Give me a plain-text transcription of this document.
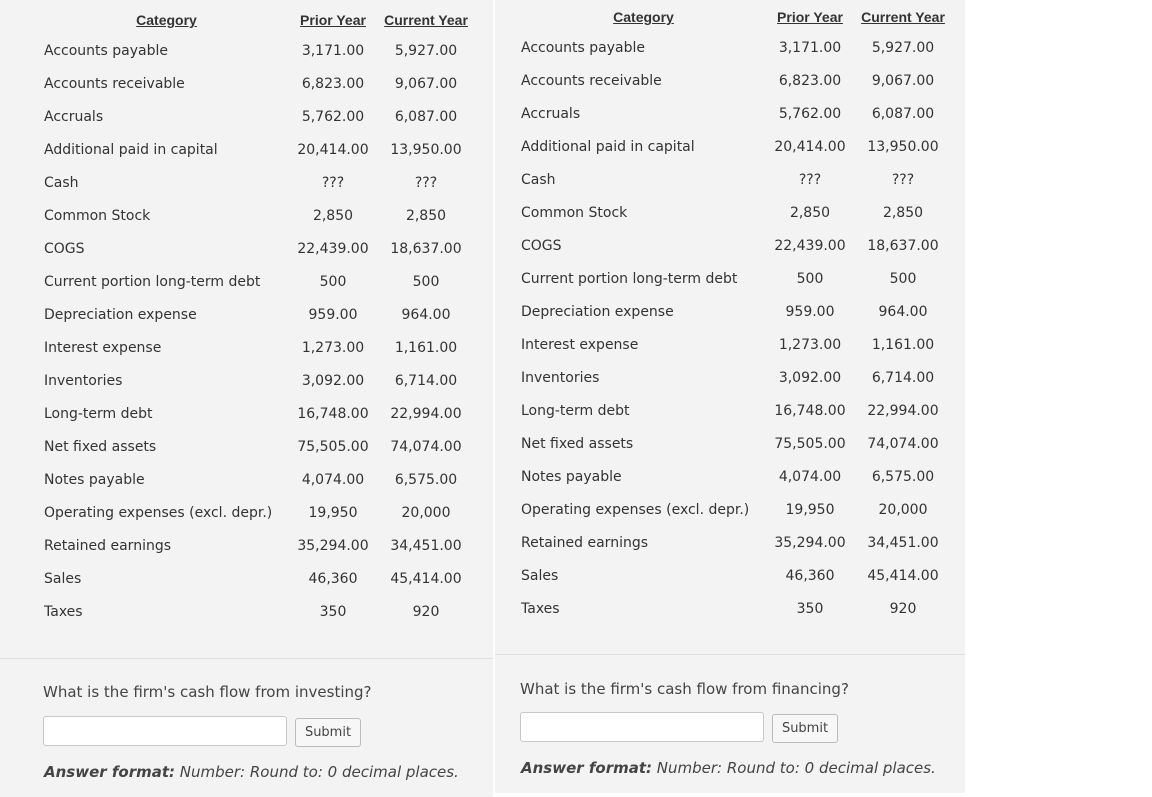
Category	Prior Year	Current Year
Accounts payable	3,171.00	5,927.00
Accounts receivable	6,823.00	9,067.00
Accruals	5,762.00	6,087.00
Additional paid in capital	20,414.00	13,950.00
Cash	???	???
Common Stock	2,850	2,850
COGS	22,439.00	18,637.00
Current portion long-term debt	500	500
Depreciation expense	959.00	964.00
Interest expense	1,273.00	1,161.00
Inventories	3,092.00	6,714.00
Long-term debt	16,748.00	22,994.00
Net fixed assets	75,505.00	74,074.00
Notes payable	4,074.00	6,575.00
Operating expenses (excl. depr.)	19,950	20,000
Retained earnings	35,294.00	34,451.00
Sales	46,360	45,414.00
Taxes	350	920
What is the firm's cash flow from investing?
Submit
Answer format: Number: Round to: 0 decimal places.
Category	Prior Year	Current Year
Accounts payable	3,171.00	5,927.00
Accounts receivable	6,823.00	9,067.00
Accruals	5,762.00	6,087.00
Additional paid in capital	20,414.00	13,950.00
Cash	???	???
Common Stock	2,850	2,850
COGS	22,439.00	18,637.00
Current portion long-term debt	500	500
Depreciation expense	959.00	964.00
Interest expense	1,273.00	1,161.00
Inventories	3,092.00	6,714.00
Long-term debt	16,748.00	22,994.00
Net fixed assets	75,505.00	74,074.00
Notes payable	4,074.00	6,575.00
Operating expenses (excl. depr.)	19,950	20,000
Retained earnings	35,294.00	34,451.00
Sales	46,360	45,414.00
Taxes	350	920
What is the firm's cash flow from financing?
Submit
Answer format: Number: Round to: 0 decimal places.
